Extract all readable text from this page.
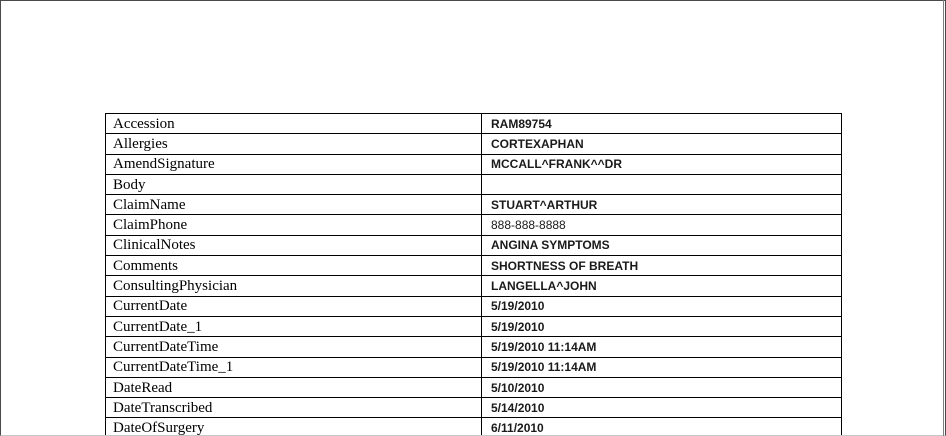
Accession	RAM89754
Allergies	CORTEXAPHAN
AmendSignature	MCCALL^FRANK^^DR
Body	
ClaimName	STUART^ARTHUR
ClaimPhone	888-888-8888
ClinicalNotes	ANGINA SYMPTOMS
Comments	SHORTNESS OF BREATH
ConsultingPhysician	LANGELLA^JOHN
CurrentDate	5/19/2010
CurrentDate_1	5/19/2010
CurrentDateTime	5/19/2010 11:14AM
CurrentDateTime_1	5/19/2010 11:14AM
DateRead	5/10/2010
DateTranscribed	5/14/2010
DateOfSurgery	6/11/2010
